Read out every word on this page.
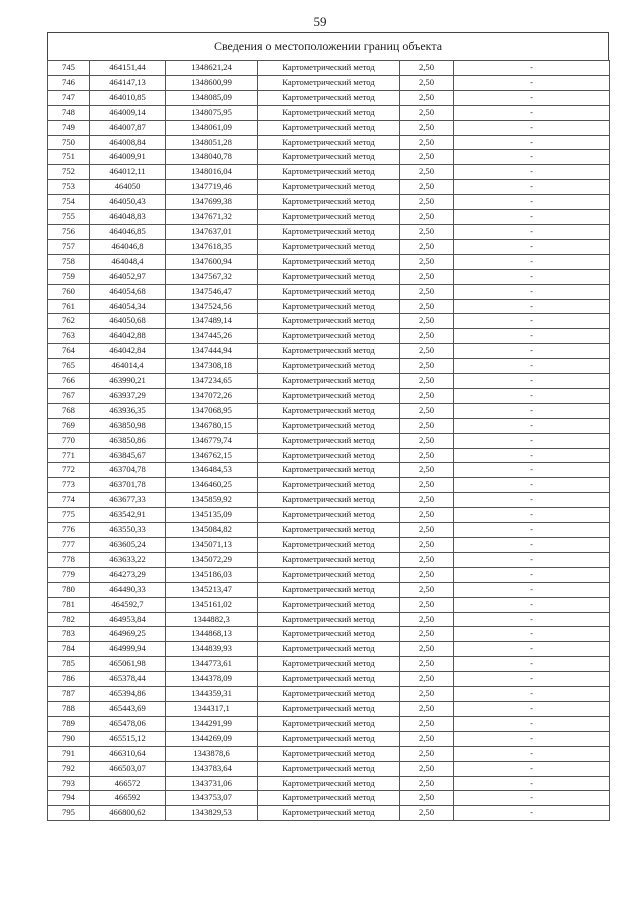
59
Сведения о местоположении границ объекта
745	464151,44	1348621,24	Картометрический метод	2,50	-
746	464147,13	1348600,99	Картометрический метод	2,50	-
747	464010,85	1348085,09	Картометрический метод	2,50	-
748	464009,14	1348075,95	Картометрический метод	2,50	-
749	464007,87	1348061,09	Картометрический метод	2,50	-
750	464008,84	1348051,28	Картометрический метод	2,50	-
751	464009,91	1348040,78	Картометрический метод	2,50	-
752	464012,11	1348016,04	Картометрический метод	2,50	-
753	464050	1347719,46	Картометрический метод	2,50	-
754	464050,43	1347699,38	Картометрический метод	2,50	-
755	464048,83	1347671,32	Картометрический метод	2,50	-
756	464046,85	1347637,01	Картометрический метод	2,50	-
757	464046,8	1347618,35	Картометрический метод	2,50	-
758	464048,4	1347600,94	Картометрический метод	2,50	-
759	464052,97	1347567,32	Картометрический метод	2,50	-
760	464054,68	1347546,47	Картометрический метод	2,50	-
761	464054,34	1347524,56	Картометрический метод	2,50	-
762	464050,68	1347489,14	Картометрический метод	2,50	-
763	464042,88	1347445,26	Картометрический метод	2,50	-
764	464042,84	1347444,94	Картометрический метод	2,50	-
765	464014,4	1347308,18	Картометрический метод	2,50	-
766	463990,21	1347234,65	Картометрический метод	2,50	-
767	463937,29	1347072,26	Картометрический метод	2,50	-
768	463936,35	1347068,95	Картометрический метод	2,50	-
769	463850,98	1346780,15	Картометрический метод	2,50	-
770	463850,86	1346779,74	Картометрический метод	2,50	-
771	463845,67	1346762,15	Картометрический метод	2,50	-
772	463704,78	1346484,53	Картометрический метод	2,50	-
773	463701,78	1346460,25	Картометрический метод	2,50	-
774	463677,33	1345859,92	Картометрический метод	2,50	-
775	463542,91	1345135,09	Картометрический метод	2,50	-
776	463550,33	1345084,82	Картометрический метод	2,50	-
777	463605,24	1345071,13	Картометрический метод	2,50	-
778	463633,22	1345072,29	Картометрический метод	2,50	-
779	464273,29	1345186,03	Картометрический метод	2,50	-
780	464490,33	1345213,47	Картометрический метод	2,50	-
781	464592,7	1345161,02	Картометрический метод	2,50	-
782	464953,84	1344882,3	Картометрический метод	2,50	-
783	464969,25	1344868,13	Картометрический метод	2,50	-
784	464999,94	1344839,93	Картометрический метод	2,50	-
785	465061,98	1344773,61	Картометрический метод	2,50	-
786	465378,44	1344378,09	Картометрический метод	2,50	-
787	465394,86	1344359,31	Картометрический метод	2,50	-
788	465443,69	1344317,1	Картометрический метод	2,50	-
789	465478,06	1344291,99	Картометрический метод	2,50	-
790	465515,12	1344269,09	Картометрический метод	2,50	-
791	466310,64	1343878,6	Картометрический метод	2,50	-
792	466503,07	1343783,64	Картометрический метод	2,50	-
793	466572	1343731,06	Картометрический метод	2,50	-
794	466592	1343753,07	Картометрический метод	2,50	-
795	466800,62	1343829,53	Картометрический метод	2,50	-
